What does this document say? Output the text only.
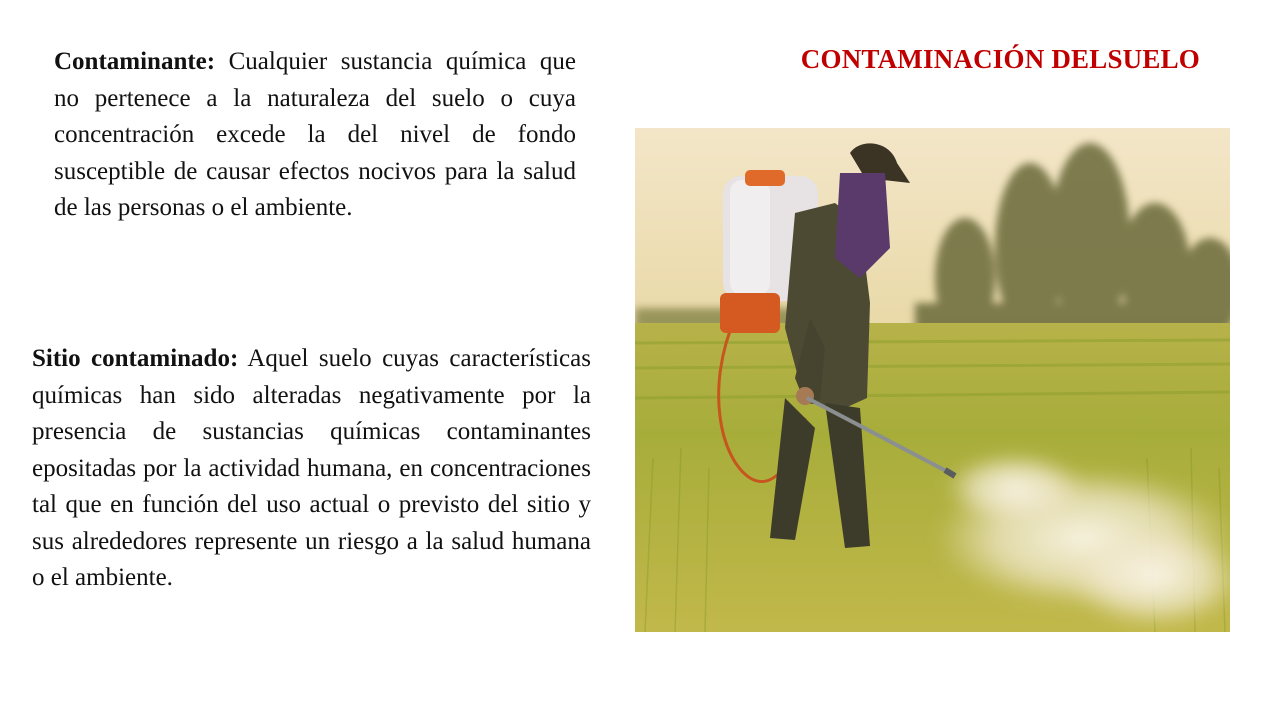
CONTAMINACIÓN DELSUELO
Contaminante: Cualquier sustancia química que no pertenece a la naturaleza del suelo o cuya concentración excede la del nivel de fondo susceptible de causar efectos nocivos para la salud de las personas o el ambiente.
Sitio contaminado: Aquel suelo cuyas características químicas han sido alteradas negativamente por la presencia de sustancias químicas contaminantes epositadas por la actividad humana, en concentraciones tal que en función del uso actual o previsto del sitio y sus alrededores represente un riesgo a la salud humana o el ambiente.
